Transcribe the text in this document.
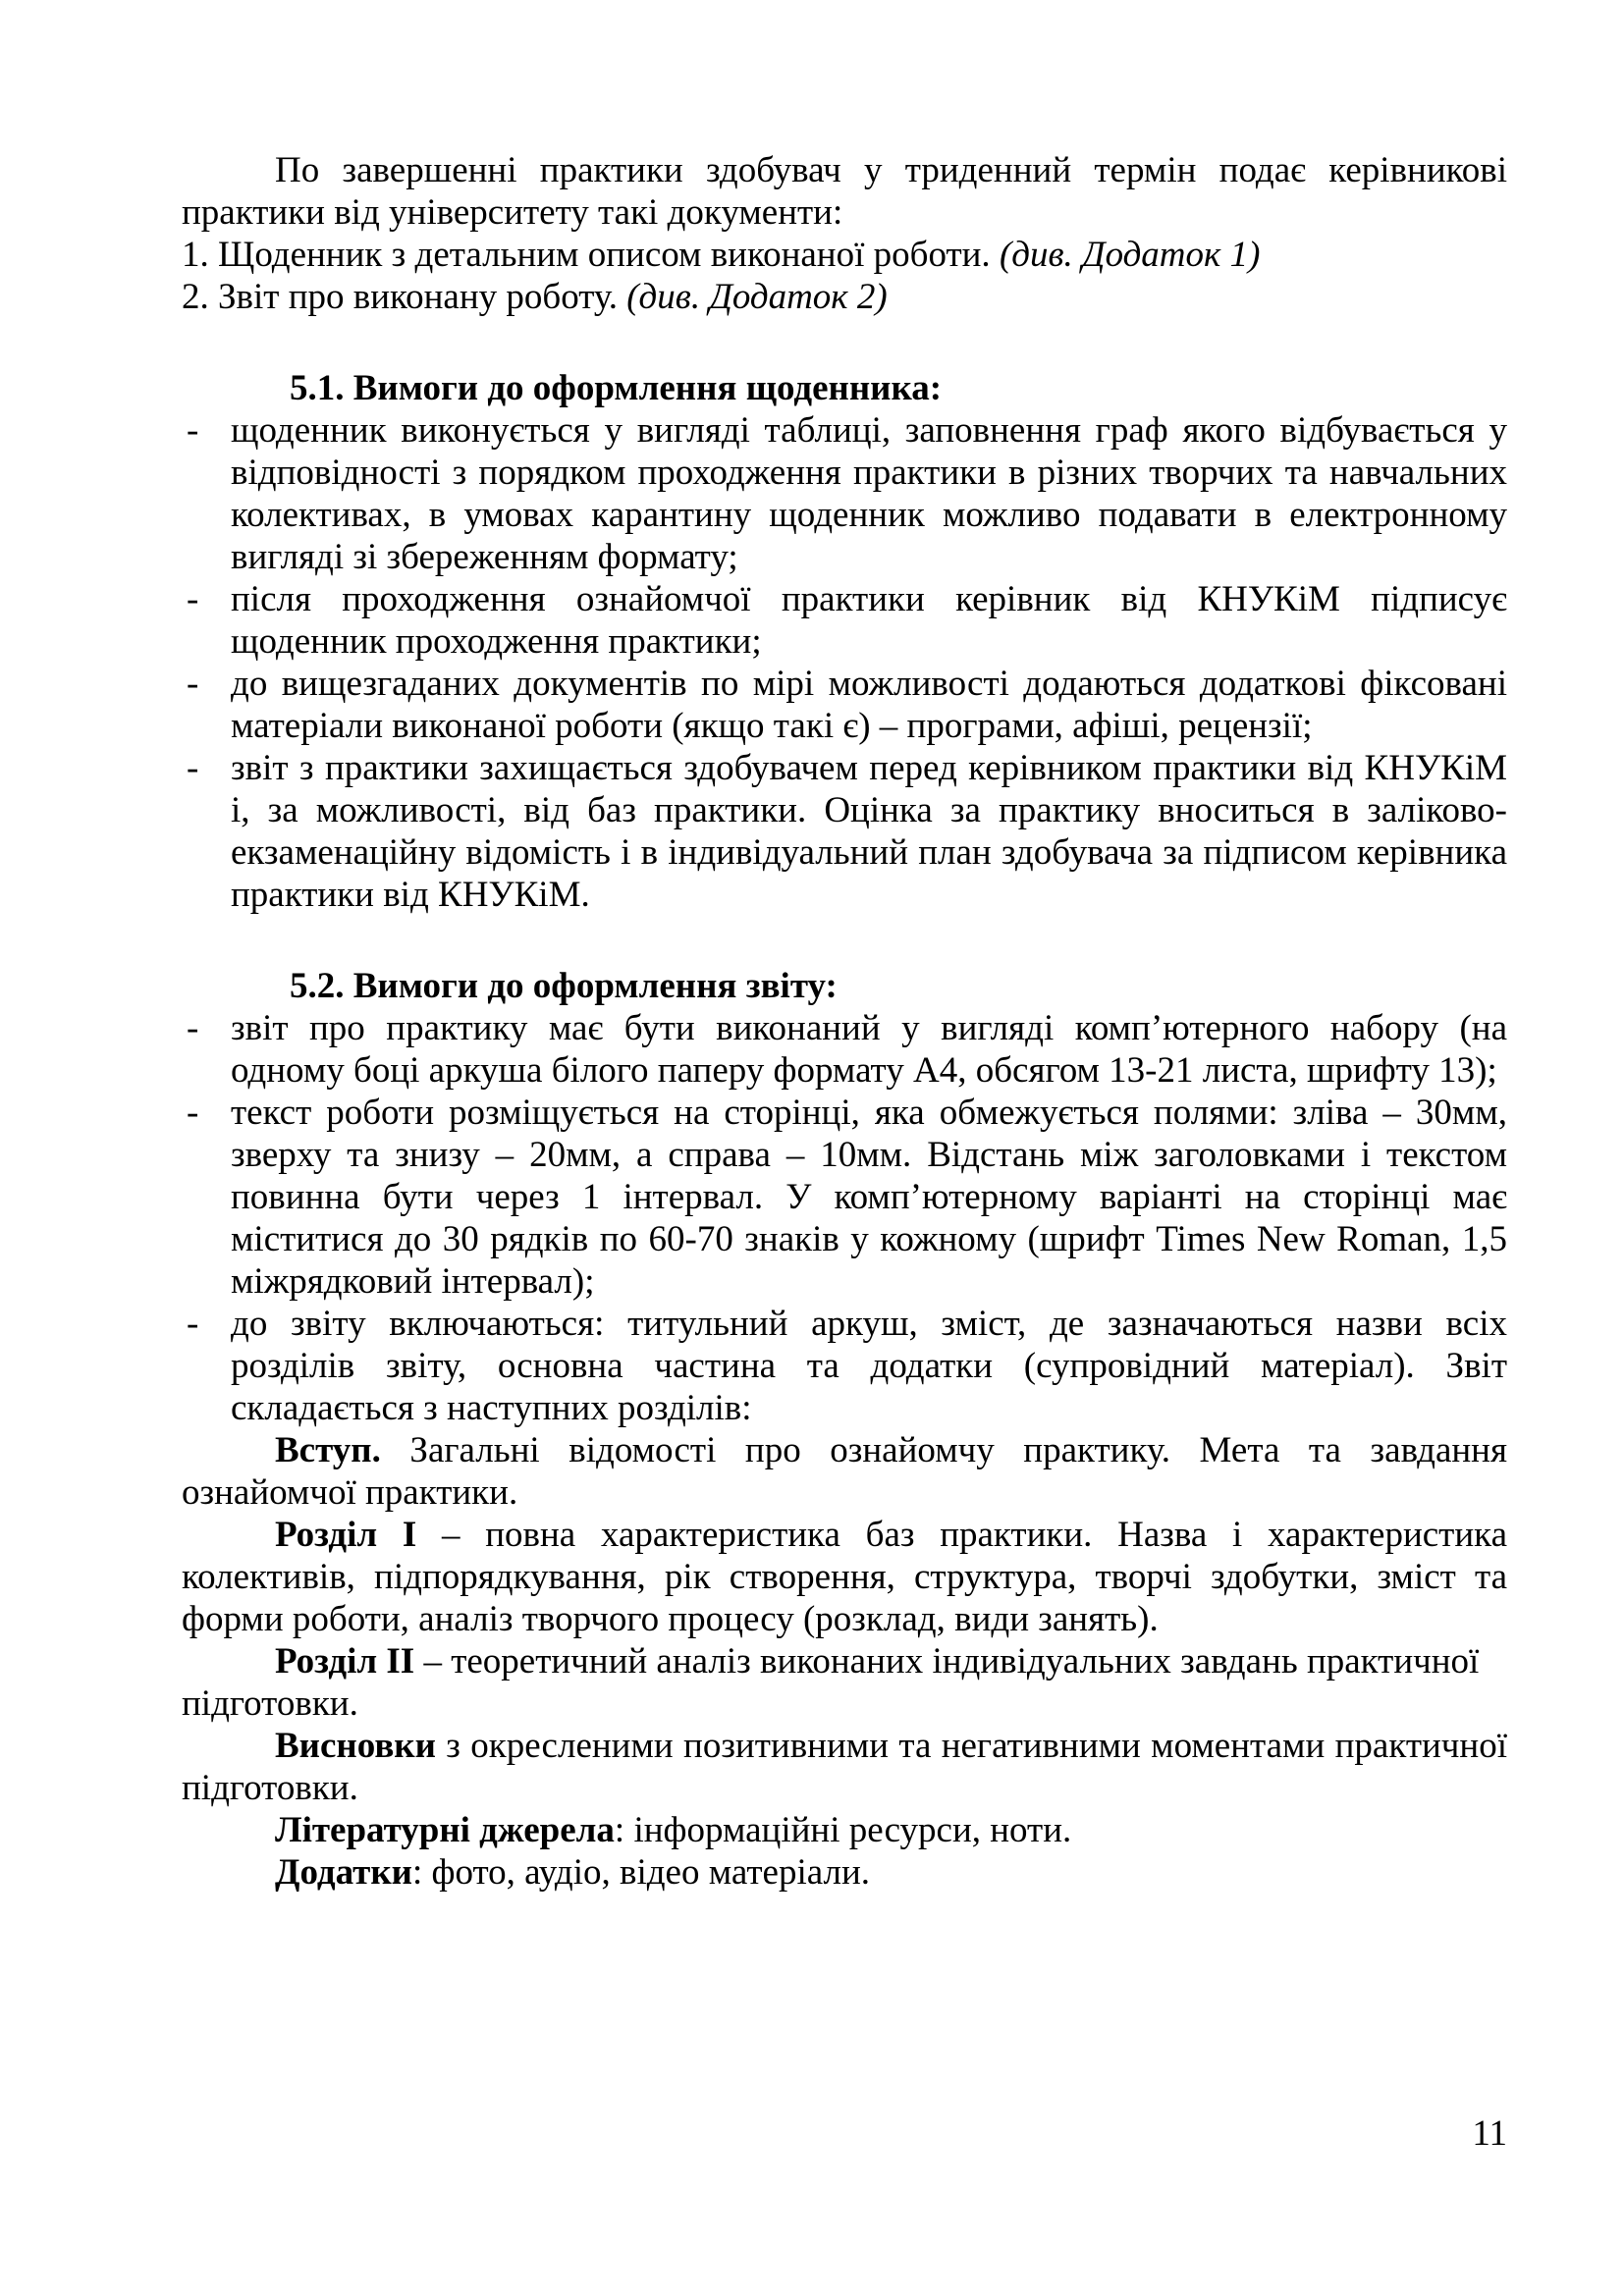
По завершенні практики здобувач у триденний термін подає керівникові практики від університету такі документи:

1. Щоденник з детальним описом виконаної роботи. (див. Додаток 1)

2. Звіт про виконану роботу. (див. Додаток 2)

5.1. Вимоги до оформлення щоденника:

- щоденник виконується у вигляді таблиці, заповнення граф якого відбувається у відповідності з порядком проходження практики в різних творчих та навчальних колективах, в умовах карантину щоденник можливо подавати в електронному вигляді зі збереженням формату;
- після проходження ознайомчої практики керівник від КНУКіМ підписує щоденник проходження практики;
- до вищезгаданих документів по мірі можливості додаються додаткові фіксовані матеріали виконаної роботи (якщо такі є) – програми, афіші, рецензії;
- звіт з практики захищається здобувачем перед керівником практики від КНУКіМ і, за можливості, від баз практики. Оцінка за практику вноситься в заліково-екзаменаційну відомість і в індивідуальний план здобувача за підписом керівника практики від КНУКіМ.

5.2. Вимоги до оформлення звіту:

- звіт про практику має бути виконаний у вигляді комп’ютерного набору (на одному боці аркуша білого паперу формату А4, обсягом 13-21 листа, шрифту 13);
- текст роботи розміщується на сторінці, яка обмежується полями: зліва – 30мм, зверху та знизу – 20мм, а справа – 10мм. Відстань між заголовками і текстом повинна бути через 1 інтервал. У комп’ютерному варіанті на сторінці має міститися до 30 рядків по 60-70 знаків у кожному (шрифт Times New Roman, 1,5 міжрядковий інтервал);
- до звіту включаються: титульний аркуш, зміст, де зазначаються назви всіх розділів звіту, основна частина та додатки (супровідний матеріал). Звіт складається з наступних розділів:

Вступ. Загальні відомості про ознайомчу практику. Мета та завдання ознайомчої практики.

Розділ І – повна характеристика баз практики. Назва і характеристика колективів, підпорядкування, рік створення, структура, творчі здобутки, зміст та форми роботи, аналіз творчого процесу (розклад, види занять).

Розділ ІІ – теоретичний аналіз виконаних індивідуальних завдань практичної підготовки.

Висновки з окресленими позитивними та негативними моментами практичної підготовки.

Літературні джерела: інформаційні ресурси, ноти.

Додатки: фото, аудіо, відео матеріали.

11
